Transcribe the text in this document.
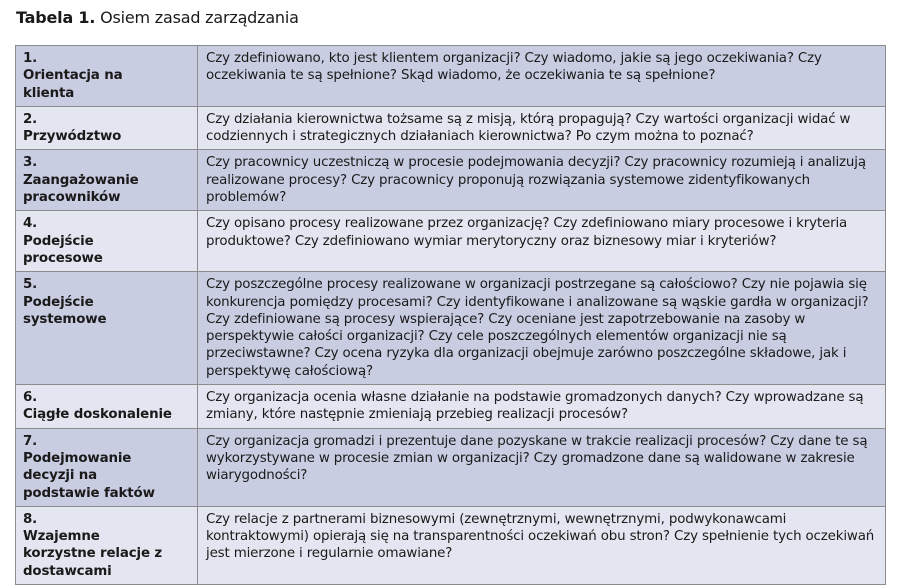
Tabela 1. Osiem zasad zarządzania
1. Orientacja na klienta	Czy zdefiniowano, kto jest klientem organizacji? Czy wiadomo, jakie są jego oczekiwania? Czy oczekiwania te są spełnione? Skąd wiadomo, że oczekiwania te są spełnione?
2. Przywództwo	Czy działania kierownictwa tożsame są z misją, którą propagują? Czy wartości organizacji widać w codziennych i strategicznych działaniach kierownictwa? Po czym można to poznać?
3. Zaangażowanie pracowników	Czy pracownicy uczestniczą w procesie podejmowania decyzji? Czy pracownicy rozumieją i analizują realizowane procesy? Czy pracownicy proponują rozwiązania systemowe zidentyfikowanych problemów?
4. Podejście procesowe	Czy opisano procesy realizowane przez organizację? Czy zdefiniowano miary procesowe i kryteria produktowe? Czy zdefiniowano wymiar merytoryczny oraz biznesowy miar i kryteriów?
5. Podejście systemowe	Czy poszczególne procesy realizowane w organizacji postrzegane są całościowo? Czy nie pojawia się konkurencja pomiędzy procesami? Czy identyfikowane i analizowane są wąskie gardła w organizacji? Czy zdefiniowane są procesy wspierające? Czy oceniane jest zapotrzebowanie na zasoby w perspektywie całości organizacji? Czy cele poszczególnych elementów organizacji nie są przeciwstawne? Czy ocena ryzyka dla organizacji obejmuje zarówno poszczególne składowe, jak i perspektywę całościową?
6. Ciągłe doskonalenie	Czy organizacja ocenia własne działanie na podstawie gromadzonych danych? Czy wprowadzane są zmiany, które następnie zmieniają przebieg realizacji procesów?
7. Podejmowanie decyzji na podstawie faktów	Czy organizacja gromadzi i prezentuje dane pozyskane w trakcie realizacji procesów? Czy dane te są wykorzystywane w procesie zmian w organizacji? Czy gromadzone dane są walidowane w zakresie wiarygodności?
8. Wzajemne korzystne relacje z dostawcami	Czy relacje z partnerami biznesowymi (zewnętrznymi, wewnętrznymi, podwykonawcami kontraktowymi) opierają się na transparentności oczekiwań obu stron? Czy spełnienie tych oczekiwań jest mierzone i regularnie omawiane?
